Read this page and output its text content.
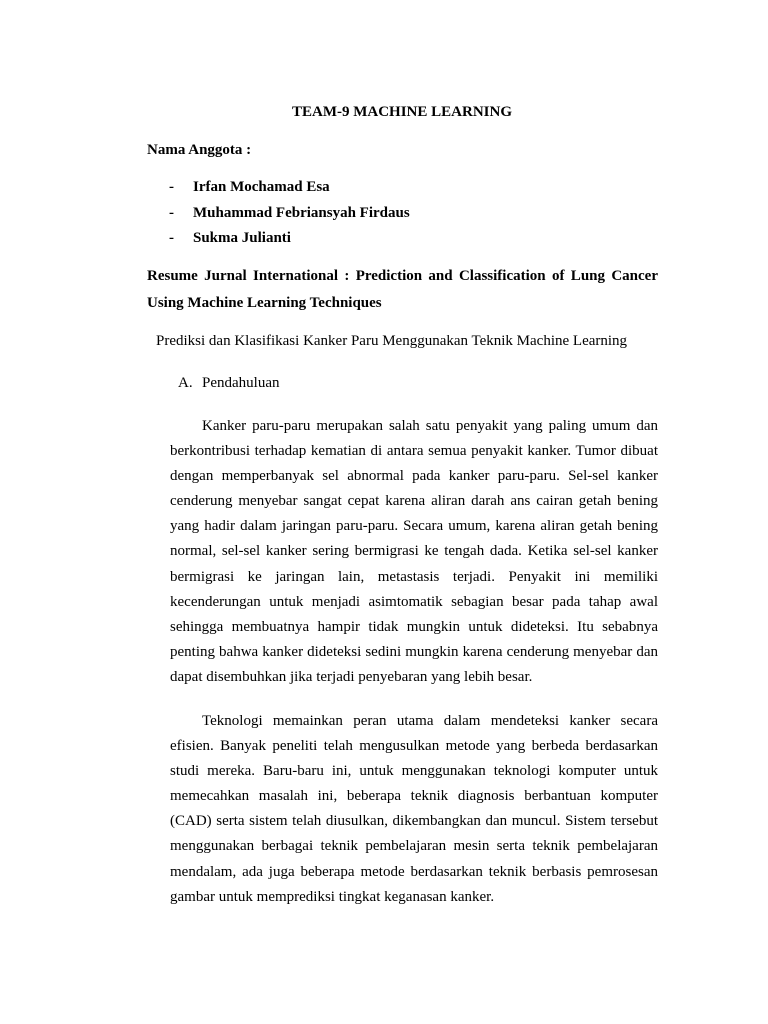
TEAM-9 MACHINE LEARNING

Nama Anggota :

- Irfan Mochamad Esa
- Muhammad Febriansyah Firdaus
- Sukma Julianti

Resume Jurnal International : Prediction and Classification of Lung Cancer Using Machine Learning Techniques

Prediksi dan Klasifikasi Kanker Paru Menggunakan Teknik Machine Learning

A. Pendahuluan

Kanker paru-paru merupakan salah satu penyakit yang paling umum dan berkontribusi terhadap kematian di antara semua penyakit kanker. Tumor dibuat dengan memperbanyak sel abnormal pada kanker paru-paru. Sel-sel kanker cenderung menyebar sangat cepat karena aliran darah ans cairan getah bening yang hadir dalam jaringan paru-paru. Secara umum, karena aliran getah bening normal, sel-sel kanker sering bermigrasi ke tengah dada. Ketika sel-sel kanker bermigrasi ke jaringan lain, metastasis terjadi. Penyakit ini memiliki kecenderungan untuk menjadi asimtomatik sebagian besar pada tahap awal sehingga membuatnya hampir tidak mungkin untuk dideteksi. Itu sebabnya penting bahwa kanker dideteksi sedini mungkin karena cenderung menyebar dan dapat disembuhkan jika terjadi penyebaran yang lebih besar.

Teknologi memainkan peran utama dalam mendeteksi kanker secara efisien. Banyak peneliti telah mengusulkan metode yang berbeda berdasarkan studi mereka. Baru-baru ini, untuk menggunakan teknologi komputer untuk memecahkan masalah ini, beberapa teknik diagnosis berbantuan komputer (CAD) serta sistem telah diusulkan, dikembangkan dan muncul. Sistem tersebut menggunakan berbagai teknik pembelajaran mesin serta teknik pembelajaran mendalam, ada juga beberapa metode berdasarkan teknik berbasis pemrosesan gambar untuk memprediksi tingkat keganasan kanker.
